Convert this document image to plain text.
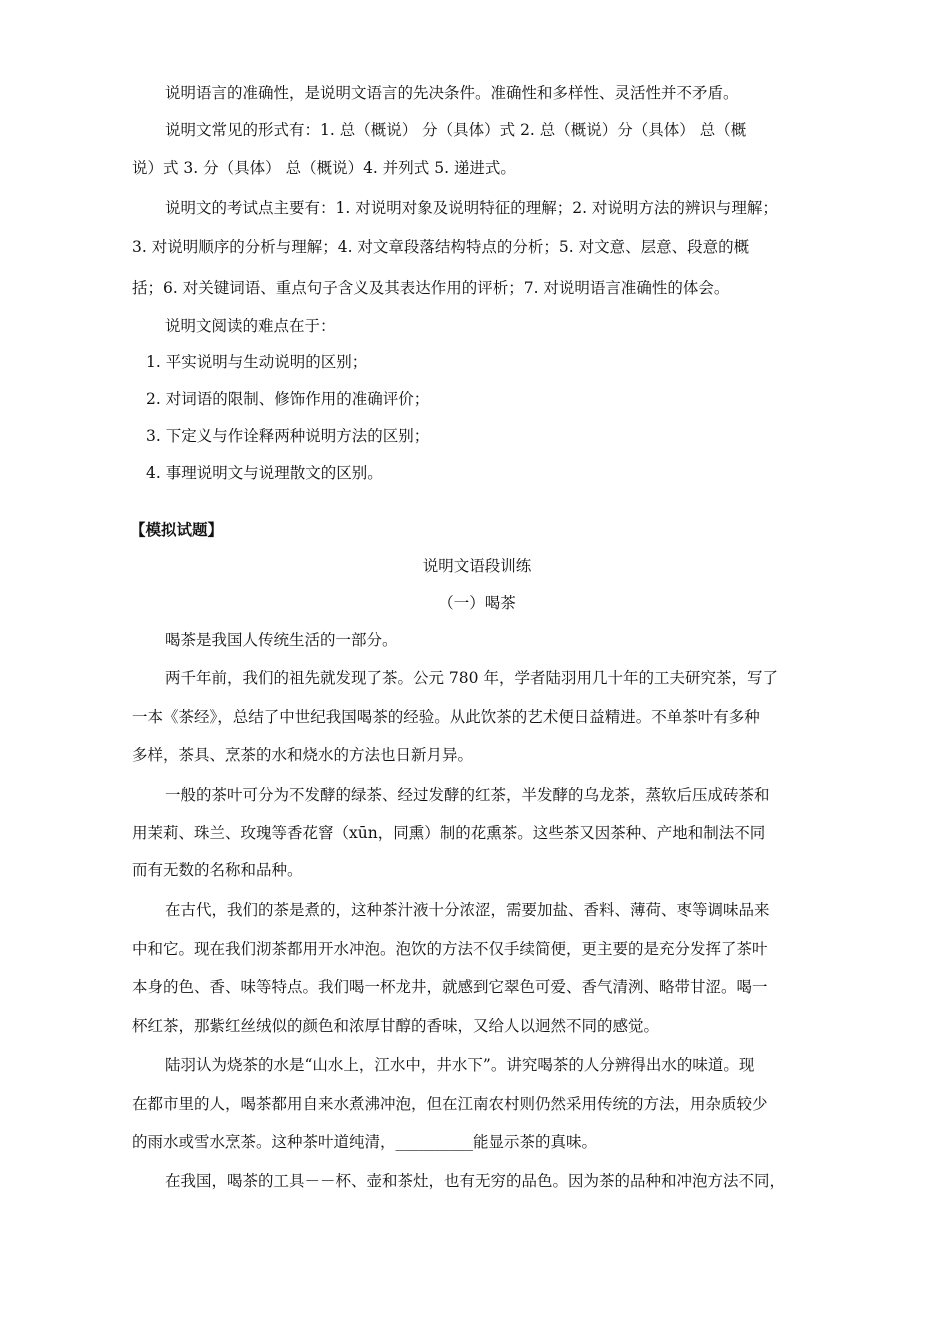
说明语言的准确性，是说明文语言的先决条件。准确性和多样性、灵活性并不矛盾。
说明文常见的形式有：1. 总（概说） 分（具体）式 2. 总（概说）分（具体） 总（概
说）式 3. 分（具体） 总（概说）4. 并列式 5. 递进式。
说明文的考试点主要有：1. 对说明对象及说明特征的理解；2. 对说明方法的辨识与理解；
3. 对说明顺序的分析与理解；4. 对文章段落结构特点的分析；5. 对文意、层意、段意的概
括；6. 对关键词语、重点句子含义及其表达作用的评析；7. 对说明语言准确性的体会。
说明文阅读的难点在于：
1. 平实说明与生动说明的区别；
2. 对词语的限制、修饰作用的准确评价；
3. 下定义与作诠释两种说明方法的区别；
4. 事理说明文与说理散文的区别。
【模拟试题】
说明文语段训练
（一）喝茶
喝茶是我国人传统生活的一部分。
两千年前，我们的祖先就发现了茶。公元 780 年，学者陆羽用几十年的工夫研究茶，写了
一本《茶经》，总结了中世纪我国喝茶的经验。从此饮茶的艺术便日益精进。不单茶叶有多种
多样，茶具、烹茶的水和烧水的方法也日新月异。
一般的茶叶可分为不发酵的绿茶、经过发酵的红茶，半发酵的乌龙茶，蒸软后压成砖茶和
用茉莉、珠兰、玫瑰等香花窨（xūn，同熏）制的花熏茶。这些茶又因茶种、产地和制法不同
而有无数的名称和品种。
在古代，我们的茶是煮的，这种茶汁液十分浓涩，需要加盐、香料、薄荷、枣等调味品来
中和它。现在我们沏茶都用开水冲泡。泡饮的方法不仅手续简便，更主要的是充分发挥了茶叶
本身的色、香、味等特点。我们喝一杯龙井，就感到它翠色可爱、香气清洌、略带甘涩。喝一
杯红茶，那紫红丝绒似的颜色和浓厚甘醇的香味，又给人以迥然不同的感觉。
陆羽认为烧茶的水是“山水上，江水中，井水下”。讲究喝茶的人分辨得出水的味道。现
在都市里的人，喝茶都用自来水煮沸冲泡，但在江南农村则仍然采用传统的方法，用杂质较少
的雨水或雪水烹茶。这种茶叶道纯清，__________能显示茶的真味。
在我国，喝茶的工具－－杯、壶和茶灶，也有无穷的品色。因为茶的品种和冲泡方法不同，
